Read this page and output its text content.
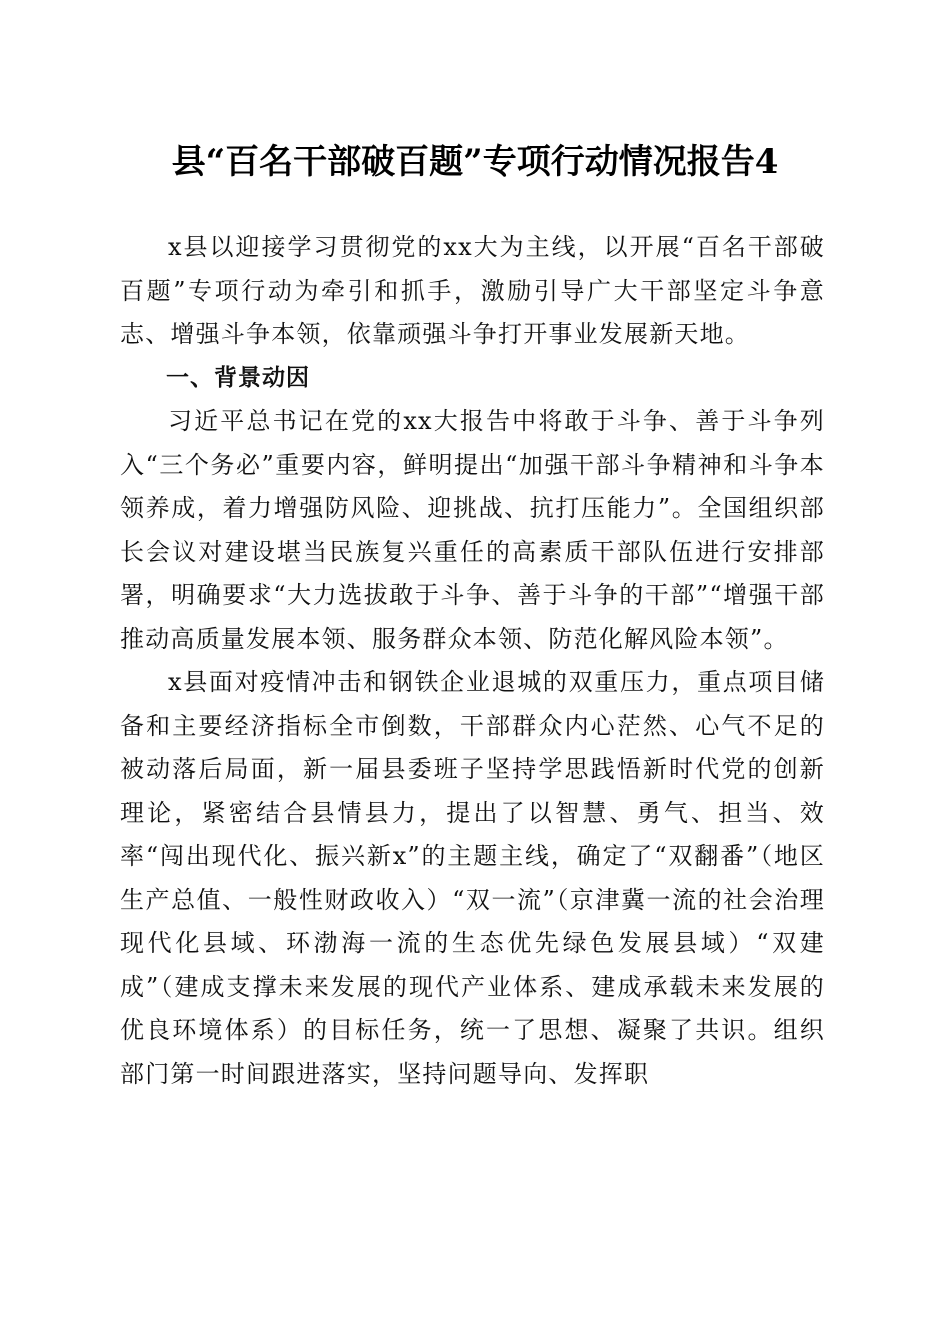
县“百名干部破百题”专项行动情况报告4

x县以迎接学习贯彻党的xx大为主线，以开展“百名干部破百题”专项行动为牵引和抓手，激励引导广大干部坚定斗争意志、增强斗争本领，依靠顽强斗争打开事业发展新天地。

一、背景动因

习近平总书记在党的xx大报告中将敢于斗争、善于斗争列入“三个务必”重要内容，鲜明提出“加强干部斗争精神和斗争本领养成，着力增强防风险、迎挑战、抗打压能力”。全国组织部长会议对建设堪当民族复兴重任的高素质干部队伍进行安排部署，明确要求“大力选拔敢于斗争、善于斗争的干部”“增强干部推动高质量发展本领、服务群众本领、防范化解风险本领”。

x县面对疫情冲击和钢铁企业退城的双重压力，重点项目储备和主要经济指标全市倒数，干部群众内心茫然、心气不足的被动落后局面，新一届县委班子坚持学思践悟新时代党的创新理论，紧密结合县情县力，提出了以智慧、勇气、担当、效率“闯出现代化、振兴新x”的主题主线，确定了“双翻番”（地区生产总值、一般性财政收入）“双一流”（京津冀一流的社会治理现代化县域、环渤海一流的生态优先绿色发展县域）“双建成”（建成支撑未来发展的现代产业体系、建成承载未来发展的优良环境体系）的目标任务，统一了思想、凝聚了共识。组织部门第一时间跟进落实，坚持问题导向、发挥职
